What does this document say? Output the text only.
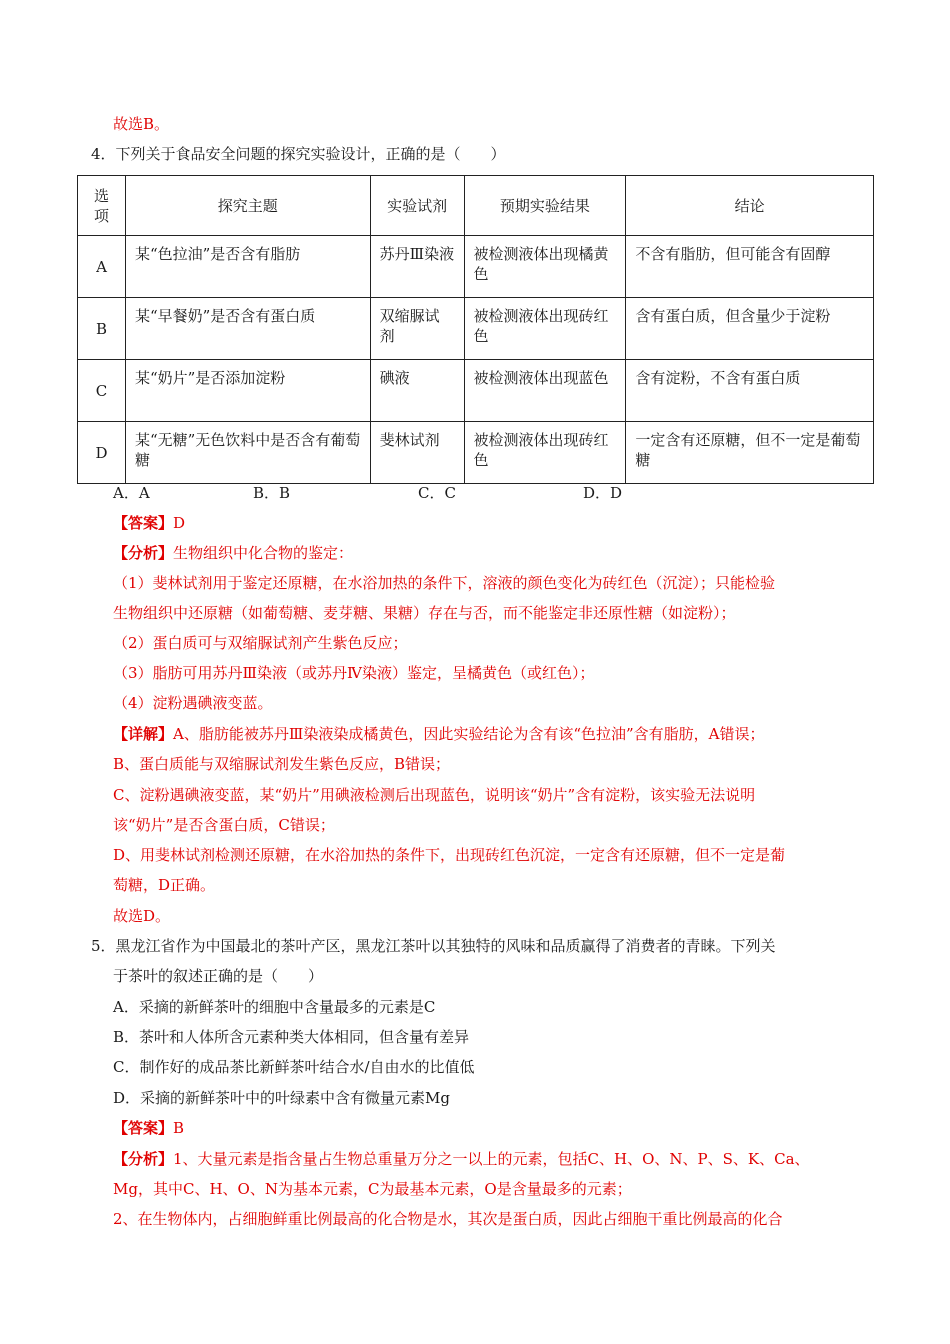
故选B。
4．下列关于食品安全问题的探究实验设计，正确的是（　　）
选项	探究主题	实验试剂	预期实验结果	结论
A	某“色拉油”是否含有脂肪	苏丹Ⅲ染液	被检测液体出现橘黄色	不含有脂肪，但可能含有固醇
B	某“早餐奶”是否含有蛋白质	双缩脲试剂	被检测液体出现砖红色	含有蛋白质，但含量少于淀粉
C	某“奶片”是否添加淀粉	碘液	被检测液体出现蓝色	含有淀粉，不含有蛋白质
D	某“无糖”无色饮料中是否含有葡萄糖	斐林试剂	被检测液体出现砖红色	一定含有还原糖，但不一定是葡萄糖
A．A	B．B	C．C	D．D
【答案】D
【分析】生物组织中化合物的鉴定：
（1）斐林试剂用于鉴定还原糖，在水浴加热的条件下，溶液的颜色变化为砖红色（沉淀）；只能检验
生物组织中还原糖（如葡萄糖、麦芽糖、果糖）存在与否，而不能鉴定非还原性糖（如淀粉）；
（2）蛋白质可与双缩脲试剂产生紫色反应；
（3）脂肪可用苏丹Ⅲ染液（或苏丹Ⅳ染液）鉴定，呈橘黄色（或红色）；
（4）淀粉遇碘液变蓝。
【详解】A、脂肪能被苏丹Ⅲ染液染成橘黄色，因此实验结论为含有该“色拉油”含有脂肪，A错误；
B、蛋白质能与双缩脲试剂发生紫色反应，B错误；
C、淀粉遇碘液变蓝，某“奶片”用碘液检测后出现蓝色，说明该“奶片”含有淀粉，该实验无法说明
该“奶片”是否含蛋白质，C错误；
D、用斐林试剂检测还原糖，在水浴加热的条件下，出现砖红色沉淀，一定含有还原糖，但不一定是葡
萄糖，D正确。
故选D。
5．黑龙江省作为中国最北的茶叶产区，黑龙江茶叶以其独特的风味和品质赢得了消费者的青睐。下列关
于茶叶的叙述正确的是（　　）
A．采摘的新鲜茶叶的细胞中含量最多的元素是C
B．茶叶和人体所含元素种类大体相同，但含量有差异
C．制作好的成品茶比新鲜茶叶结合水/自由水的比值低
D．采摘的新鲜茶叶中的叶绿素中含有微量元素Mg
【答案】B
【分析】1、大量元素是指含量占生物总重量万分之一以上的元素，包括C、H、O、N、P、S、K、Ca、
Mg，其中C、H、O、N为基本元素，C为最基本元素，O是含量最多的元素；
2、在生物体内，占细胞鲜重比例最高的化合物是水，其次是蛋白质，因此占细胞干重比例最高的化合
